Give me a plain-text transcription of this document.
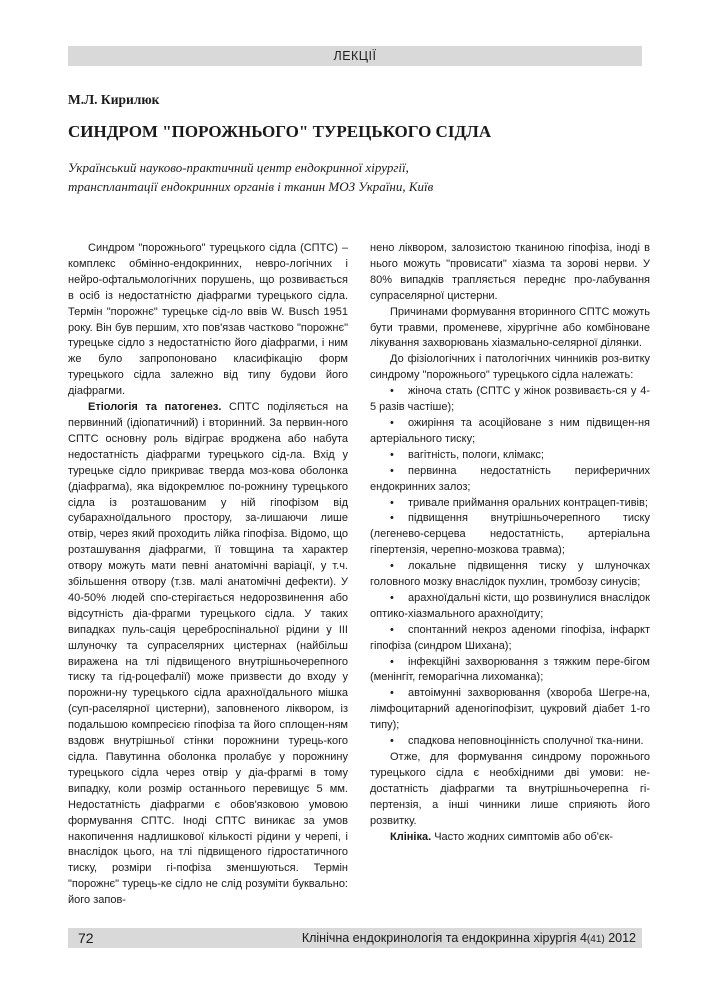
ЛЕКЦІЇ
М.Л. Кирилюк
СИНДРОМ "ПОРОЖНЬОГО" ТУРЕЦЬКОГО СІДЛА
Український науково-практичний центр ендокринної хірургії,
трансплантації ендокринних органів і тканин МОЗ України, Київ

Синдром "порожнього" турецького сідла (СПТС) – комплекс обмінно-ендокринних, невро-логічних і нейро-офтальмологічних порушень, що розвивається в осіб із недостатністю діафрагми турецького сідла. Термін "порожнє" турецьке сід-ло ввів W. Busch 1951 року. Він був першим, хто пов'язав частково "порожнє" турецьке сідло з недостатністю його діафрагми, і ним же було запропоновано класифікацію форм турецького сідла залежно від типу будови його діафрагми.

Етіологія та патогенез. СПТС поділяється на первинний (ідіопатичний) і вторинний. За первин-ного СПТС основну роль відіграє вроджена або набута недостатність діафрагми турецького сід-ла. Вхід у турецьке сідло прикриває тверда моз-кова оболонка (діафрагма), яка відокремлює по-рожнину турецького сідла із розташованим у ній гіпофізом від субарахноїдального простору, за-лишаючи лише отвір, через який проходить лійка гіпофіза. Відомо, що розташування діафрагми, її товщина та характер отвору можуть мати певні анатомічні варіації, у т.ч. збільшення отвору (т.зв. малі анатомічні дефекти). У 40-50% людей спо-стерігається недорозвинення або відсутність діа-фрагми турецького сідла. У таких випадках пуль-сація цереброспінальної рідини у ІІІ шлуночку та супраселярних цистернах (найбільш виражена на тлі підвищеного внутрішньочерепного тиску та гід-роцефалії) може призвести до входу у порожни-ну турецького сідла арахноїдального мішка (суп-раселярної цистерни), заповненого ліквором, із подальшою компресією гіпофіза та його сплощен-ням вздовж внутрішньої стінки порожнини турець-кого сідла. Павутинна оболонка пролабує у порожнину турецького сідла через отвір у діа-фрагмі в тому випадку, коли розмір останнього перевищує 5 мм. Недостатність діафрагми є обов'язковою умовою формування СПТС. Іноді СПТС виникає за умов накопичення надлишкової кількості рідини у черепі, і внаслідок цього, на тлі підвищеного гідростатичного тиску, розміри гі-пофіза зменшуються. Термін "порожнє" турець-ке сідло не слід розуміти буквально: його запов-

нено ліквором, залозистою тканиною гіпофіза, іноді в нього можуть "провисати" хіазма та зорові нерви. У 80% випадків трапляється переднє про-лабування супраселярної цистерни.

Причинами формування вторинного СПТС можуть бути травми, променеве, хірургічне або комбіноване лікування захворювань хіазмально-селярної ділянки.

До фізіологічних і патологічних чинників роз-витку синдрому "порожнього" турецького сідла належать:

• жіноча стать (СПТС у жінок розвиваєть-ся у 4-5 разів частіше);

• ожиріння та асоційоване з ним підвищен-ня артеріального тиску;

• вагітність, пологи, клімакс;

• первинна недостатність периферичних ендокринних залоз;

• тривале приймання оральних контрацеп-тивів;

• підвищення внутрішньочерепного тиску (легенево-серцева недостатність, артеріальна гіпертензія, черепно-мозкова травма);

• локальне підвищення тиску у шлуночках головного мозку внаслідок пухлин, тромбозу синусів;

• арахноїдальні кісти, що розвинулися внаслідок оптико-хіазмального арахноїдиту;

• спонтанний некроз аденоми гіпофіза, інфаркт гіпофіза (синдром Шихана);

• інфекційні захворювання з тяжким пере-бігом (менінгіт, геморагічна лихоманка);

• автоімунні захворювання (хвороба Шегре-на, лімфоцитарний аденогіпофізит, цукровий діабет 1-го типу);

• спадкова неповноцінність сполучної тка-нини.

Отже, для формування синдрому порожнього турецького сідла є необхідними дві умови: не-достатність діафрагми та внутрішньочерепна гі-пертензія, а інші чинники лише сприяють його розвитку.

Клініка. Часто жодних симптомів або об'єк-

72	Клінічна ендокринологія та ендокринна хірургія 4(41) 2012
